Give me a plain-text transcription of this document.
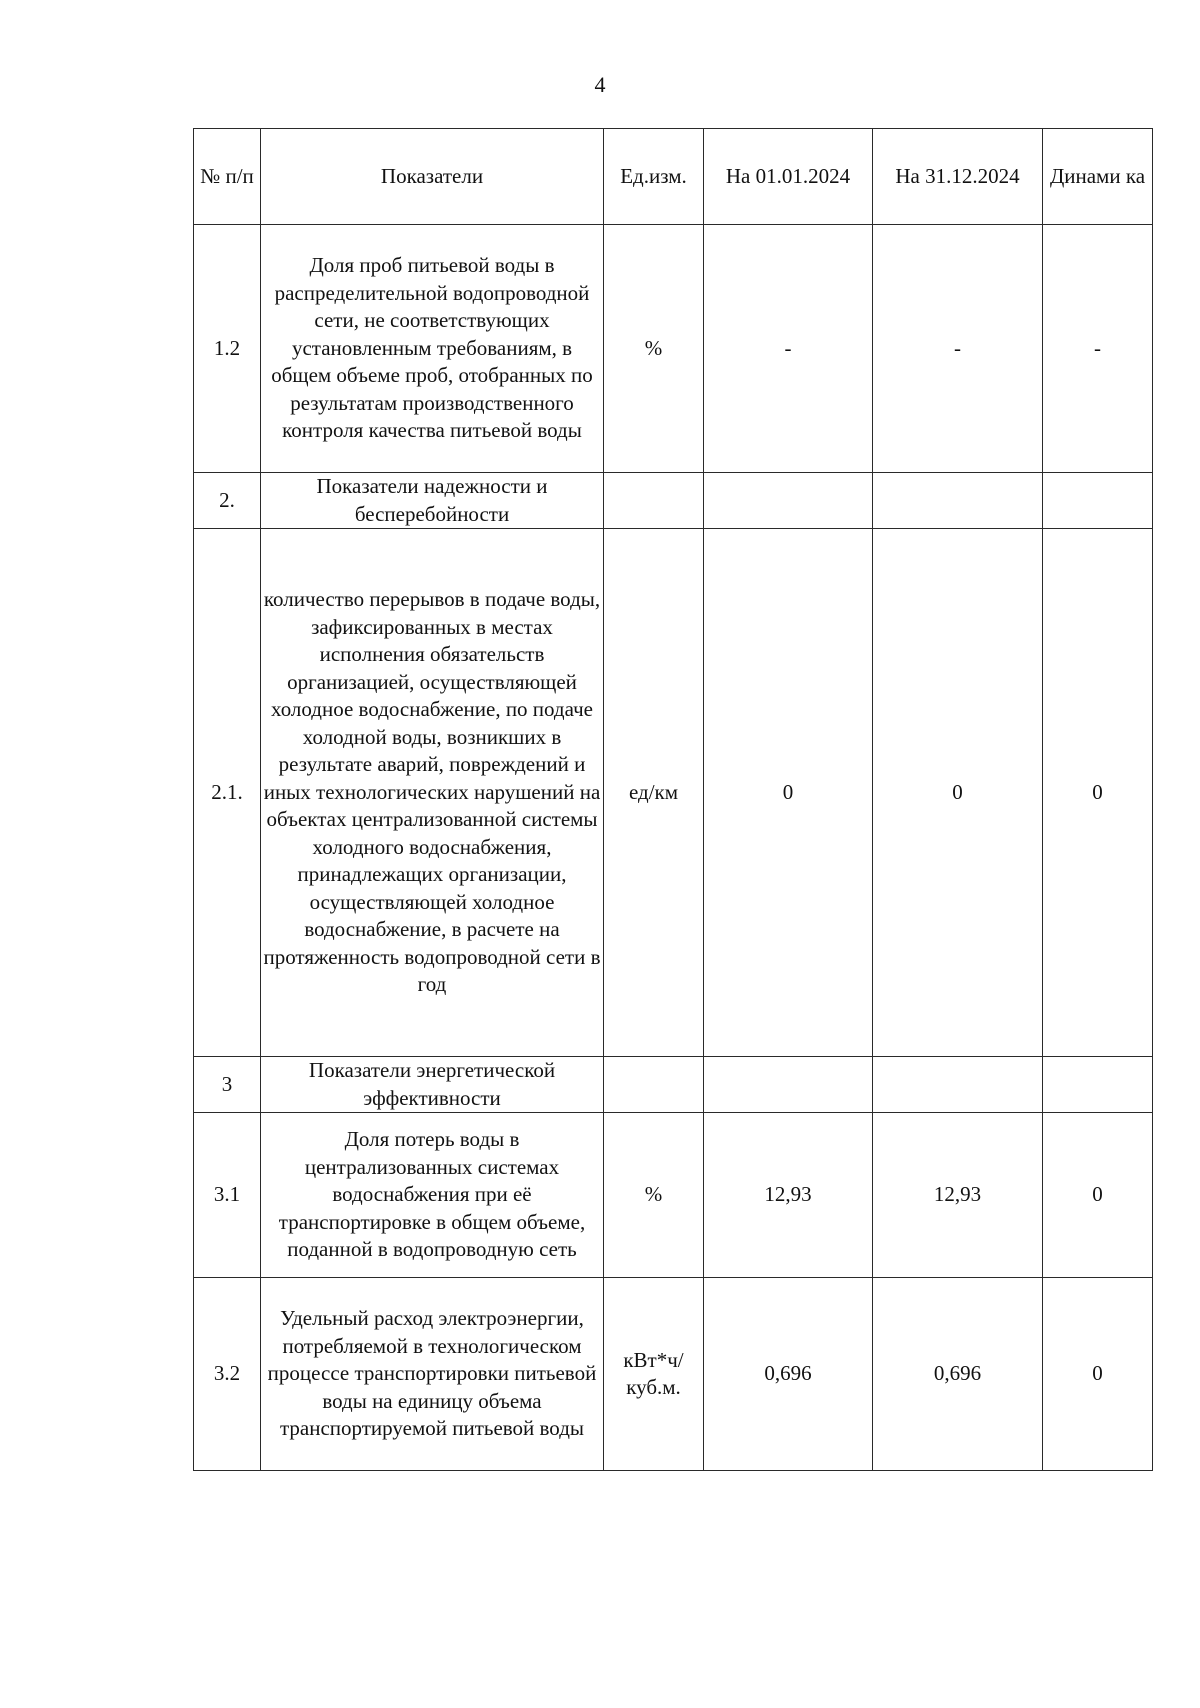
4
№ п/п	Показатели	Ед.изм.	На 01.01.2024	На 31.12.2024	Динами ка
1.2	Доля проб питьевой воды в распределительной водопроводной сети, не соответствующих установленным требованиям, в общем объеме проб, отобранных по результатам производственного контроля качества питьевой воды	%	-	-	-
2.	Показатели надежности и бесперебойности				
2.1.	количество перерывов в подаче воды, зафиксированных в местах исполнения обязательств организацией, осуществляющей холодное водоснабжение, по подаче холодной воды, возникших в результате аварий, повреждений и иных технологических нарушений на объектах централизованной системы холодного водоснабжения, принадлежащих организации, осуществляющей холодное водоснабжение, в расчете на протяженность водопроводной сети в год	ед/км	0	0	0
3	Показатели энергетической эффективности				
3.1	Доля потерь воды в централизованных системах водоснабжения при её транспортировке в общем объеме, поданной в водопроводную сеть	%	12,93	12,93	0
3.2	Удельный расход электроэнергии, потребляемой в технологическом процессе транспортировки питьевой воды на единицу объема транспортируемой питьевой воды	кВт*ч/ куб.м.	0,696	0,696	0
